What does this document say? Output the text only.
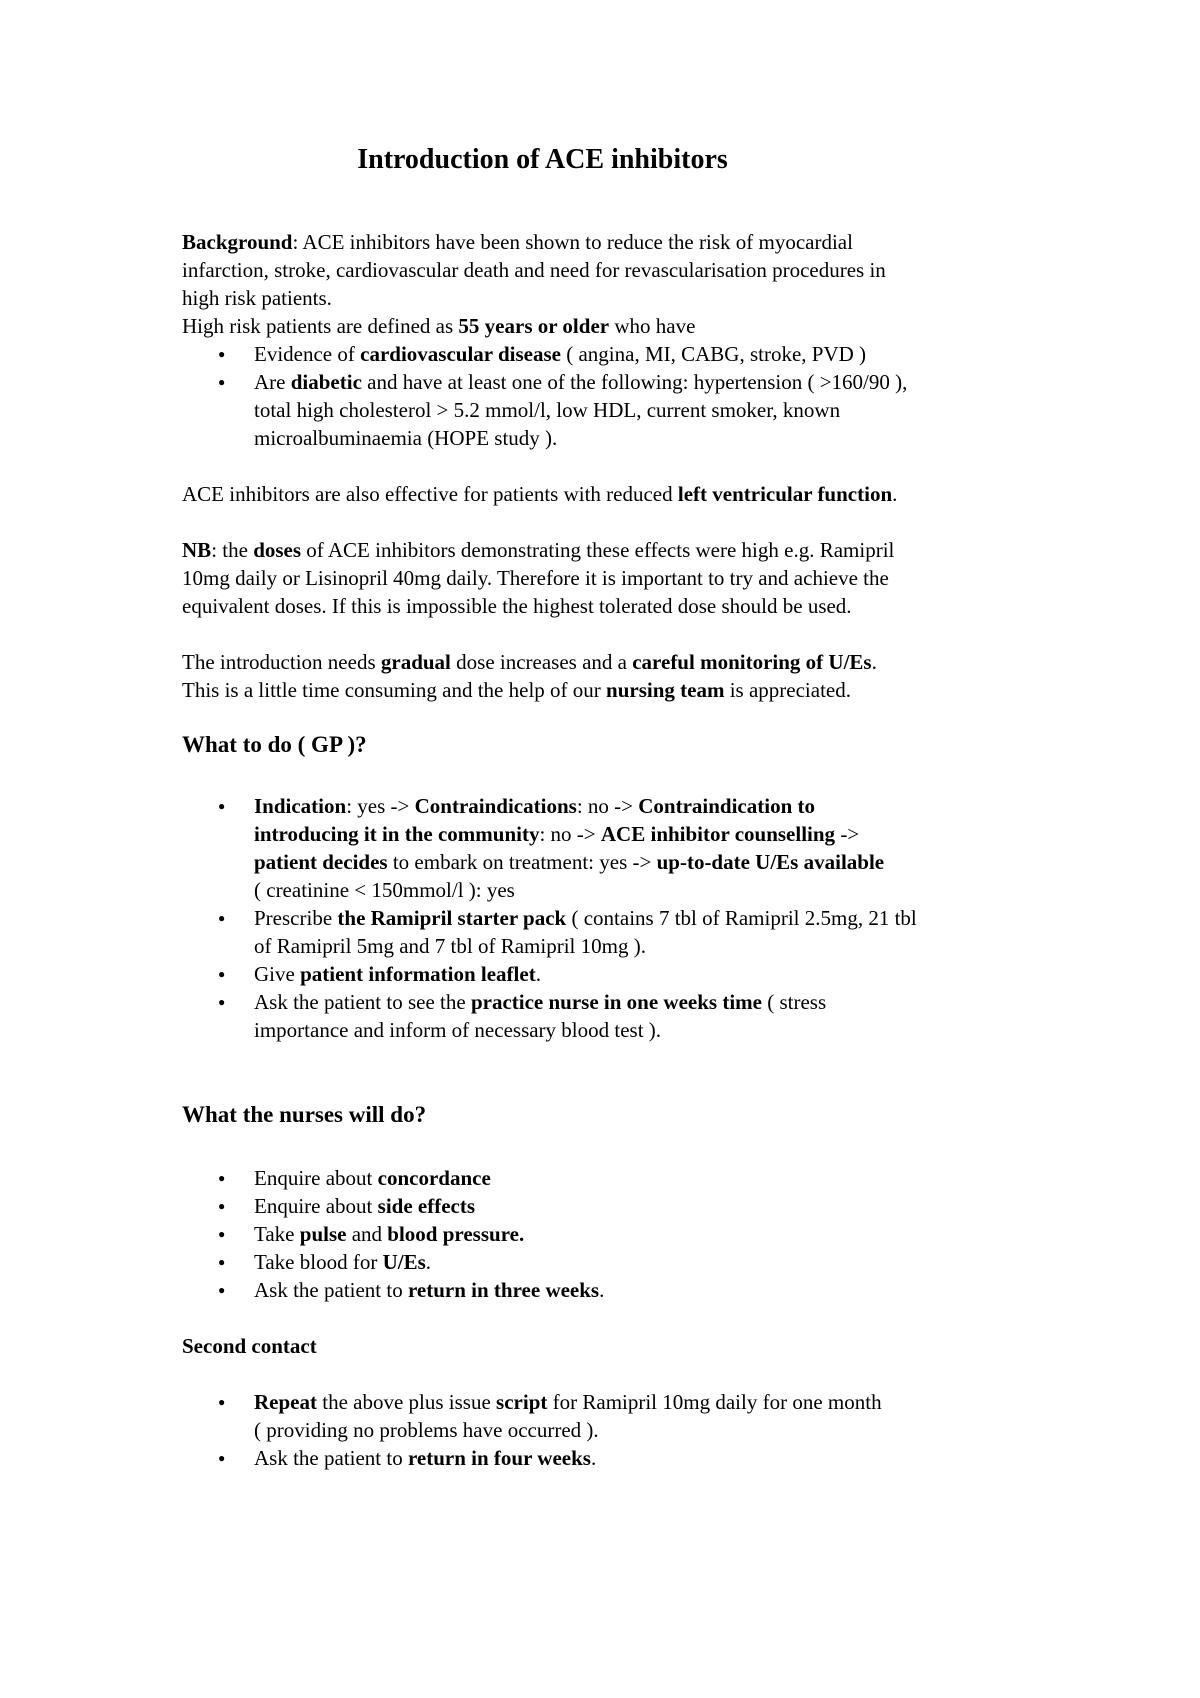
Introduction of ACE inhibitors

Background: ACE inhibitors have been shown to reduce the risk of myocardial
infarction, stroke, cardiovascular death and need for revascularisation procedures in
high risk patients.

High risk patients are defined as 55 years or older who have

● Evidence of cardiovascular disease ( angina, MI, CABG, stroke, PVD )
● Are diabetic and have at least one of the following: hypertension ( >160/90 ),
total high cholesterol > 5.2 mmol/l, low HDL, current smoker, known
microalbuminaemia (HOPE study ).

ACE inhibitors are also effective for patients with reduced left ventricular function.

NB: the doses of ACE inhibitors demonstrating these effects were high e.g. Ramipril
10mg daily or Lisinopril 40mg daily. Therefore it is important to try and achieve the
equivalent doses. If this is impossible the highest tolerated dose should be used.

The introduction needs gradual dose increases and a careful monitoring of U/Es.
This is a little time consuming and the help of our nursing team is appreciated.

What to do ( GP )?
● Indication: yes -> Contraindications: no -> Contraindication to
introducing it in the community: no -> ACE inhibitor counselling ->
patient decides to embark on treatment: yes -> up-to-date U/Es available
( creatinine < 150mmol/l ): yes
● Prescribe the Ramipril starter pack ( contains 7 tbl of Ramipril 2.5mg, 21 tbl
of Ramipril 5mg and 7 tbl of Ramipril 10mg ).
● Give patient information leaflet.
● Ask the patient to see the practice nurse in one weeks time ( stress
importance and inform of necessary blood test ).
What the nurses will do?
● Enquire about concordance
● Enquire about side effects
● Take pulse and blood pressure.
● Take blood for U/Es.
● Ask the patient to return in three weeks.
Second contact
● Repeat the above plus issue script for Ramipril 10mg daily for one month
( providing no problems have occurred ).
● Ask the patient to return in four weeks.
